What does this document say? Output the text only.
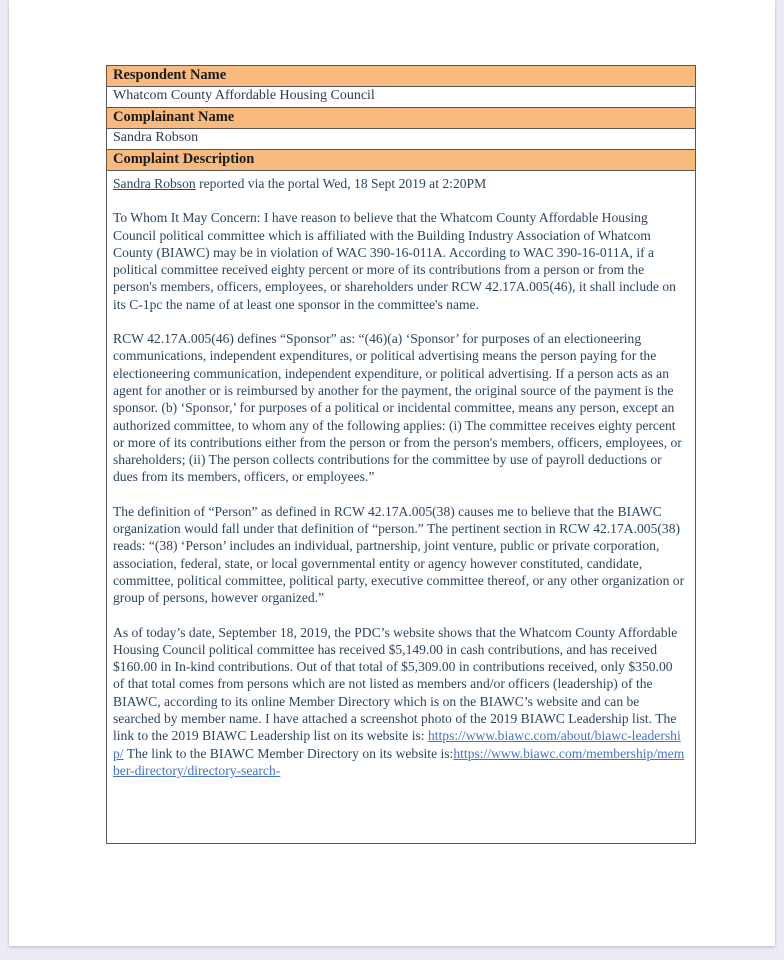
Respondent Name
Whatcom County Affordable Housing Council
Complainant Name
Sandra Robson
Complaint Description

Sandra Robson reported via the portal Wed, 18 Sept 2019 at 2:20PM

To Whom It May Concern: I have reason to believe that the Whatcom County Affordable Housing Council political committee which is affiliated with the Building Industry Association of Whatcom County (BIAWC) may be in violation of WAC 390-16-011A. According to WAC 390-16-011A, if a political committee received eighty percent or more of its contributions from a person or from the person's members, officers, employees, or shareholders under RCW 42.17A.005(46), it shall include on its C-1pc the name of at least one sponsor in the committee's name.

RCW 42.17A.005(46) defines “Sponsor” as: “(46)(a) ‘Sponsor’ for purposes of an electioneering communications, independent expenditures, or political advertising means the person paying for the electioneering communication, independent expenditure, or political advertising. If a person acts as an agent for another or is reimbursed by another for the payment, the original source of the payment is the sponsor. (b) ‘Sponsor,’ for purposes of a political or incidental committee, means any person, except an authorized committee, to whom any of the following applies: (i) The committee receives eighty percent or more of its contributions either from the person or from the person's members, officers, employees, or shareholders; (ii) The person collects contributions for the committee by use of payroll deductions or dues from its members, officers, or employees.”

The definition of “Person” as defined in RCW 42.17A.005(38) causes me to believe that the BIAWC organization would fall under that definition of “person.” The pertinent section in RCW 42.17A.005(38) reads: “(38) ‘Person’ includes an individual, partnership, joint venture, public or private corporation, association, federal, state, or local governmental entity or agency however constituted, candidate, committee, political committee, political party, executive committee thereof, or any other organization or group of persons, however organized.”

As of today’s date, September 18, 2019, the PDC’s website shows that the Whatcom County Affordable Housing Council political committee has received $5,149.00 in cash contributions, and has received $160.00 in In-kind contributions. Out of that total of $5,309.00 in contributions received, only $350.00 of that total comes from persons which are not listed as members and/or officers (leadership) of the BIAWC, according to its online Member Directory which is on the BIAWC’s website and can be searched by member name. I have attached a screenshot photo of the 2019 BIAWC Leadership list. The link to the 2019 BIAWC Leadership list on its website is: https://www.biawc.com/about/biawc-leadership/ The link to the BIAWC Member Directory on its website is:https://www.biawc.com/membership/member-directory/directory-search-
